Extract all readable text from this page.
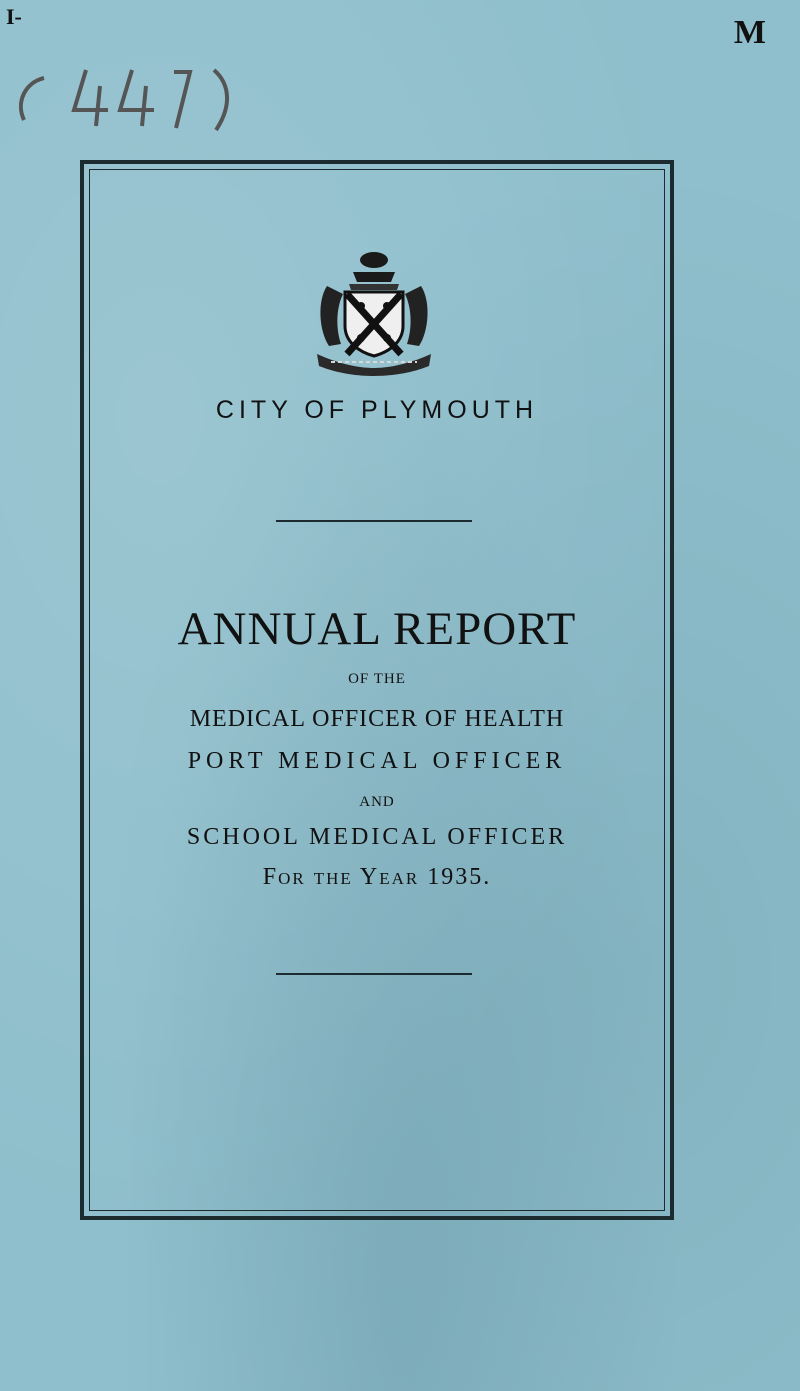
I-	M
CITY OF PLYMOUTH
ANNUAL REPORT
OF THE
MEDICAL OFFICER OF HEALTH
PORT MEDICAL OFFICER
AND
SCHOOL MEDICAL OFFICER
For the Year 1935.
